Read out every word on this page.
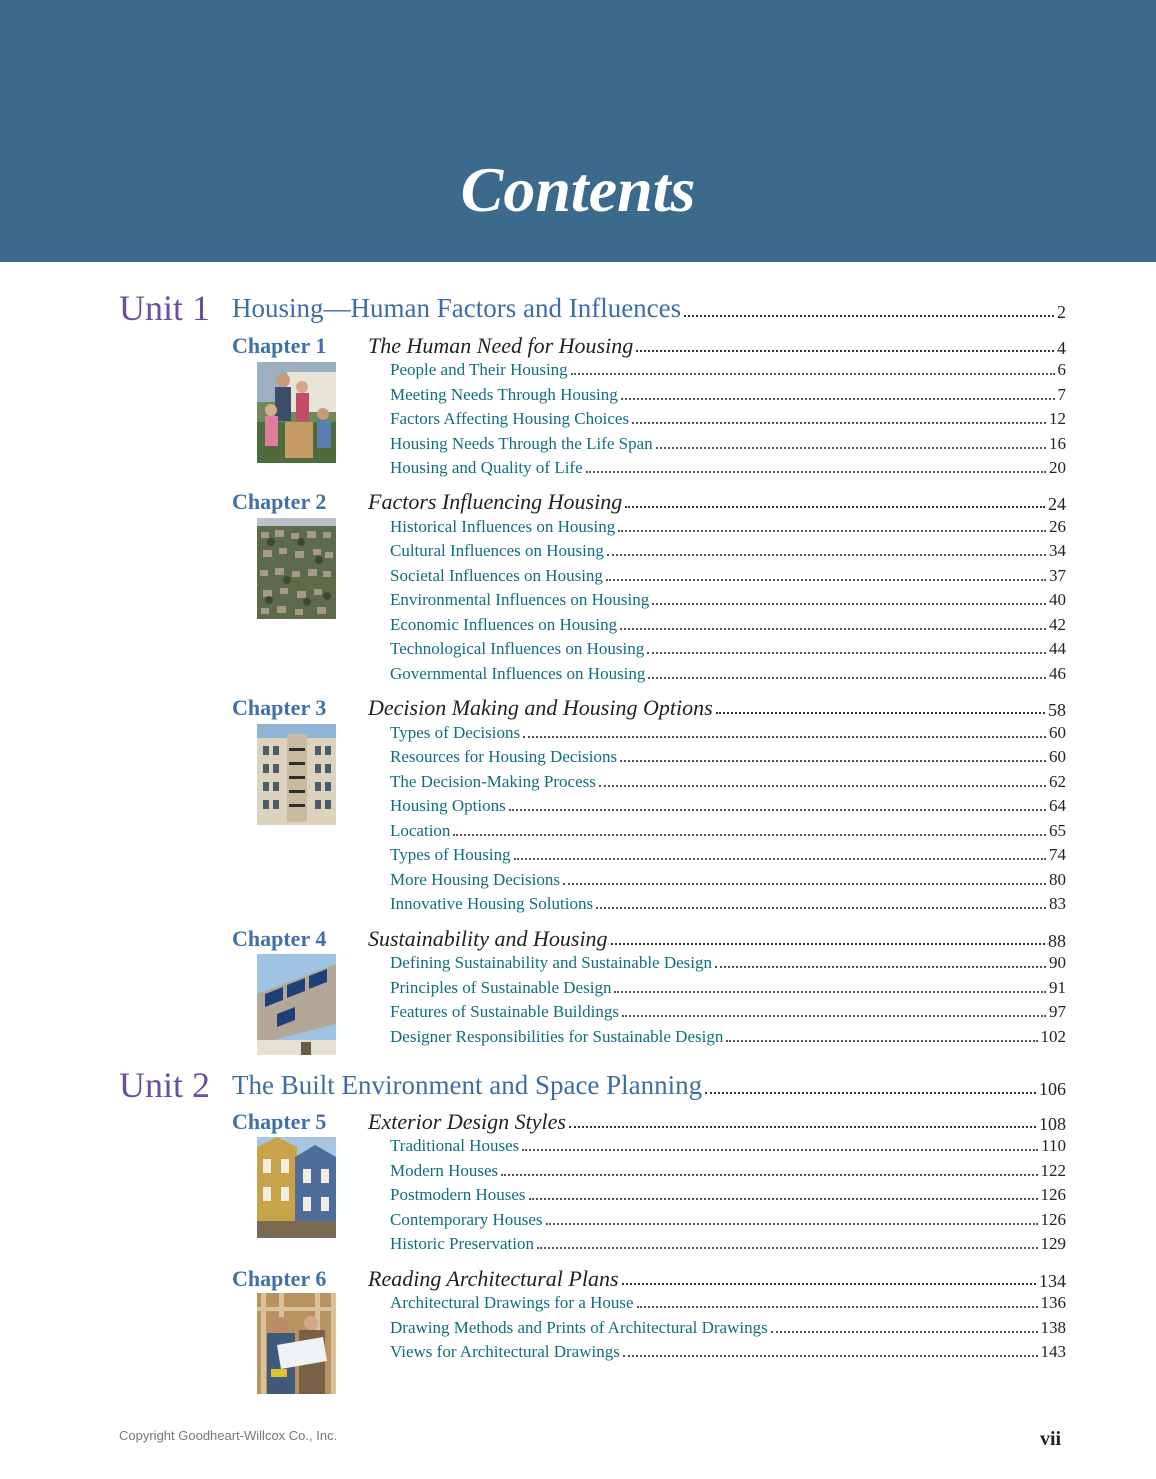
Contents
Unit 1 Housing—Human Factors and Influences	2
Chapter 1 The Human Need for Housing	4
People and Their Housing	6
Meeting Needs Through Housing	7
Factors Affecting Housing Choices	12
Housing Needs Through the Life Span	16
Housing and Quality of Life	20
Chapter 2 Factors Influencing Housing	24
Historical Influences on Housing	26
Cultural Influences on Housing	34
Societal Influences on Housing	37
Environmental Influences on Housing	40
Economic Influences on Housing	42
Technological Influences on Housing	44
Governmental Influences on Housing	46
Chapter 3 Decision Making and Housing Options	58
Types of Decisions	60
Resources for Housing Decisions	60
The Decision-Making Process	62
Housing Options	64
Location	65
Types of Housing	74
More Housing Decisions	80
Innovative Housing Solutions	83
Chapter 4 Sustainability and Housing	88
Defining Sustainability and Sustainable Design	90
Principles of Sustainable Design	91
Features of Sustainable Buildings	97
Designer Responsibilities for Sustainable Design	102
Unit 2 The Built Environment and Space Planning	106
Chapter 5 Exterior Design Styles	108
Traditional Houses	110
Modern Houses	122
Postmodern Houses	126
Contemporary Houses	126
Historic Preservation	129
Chapter 6 Reading Architectural Plans	134
Architectural Drawings for a House	136
Drawing Methods and Prints of Architectural Drawings	138
Views for Architectural Drawings	143
Copyright Goodheart-Willcox Co., Inc.	vii
